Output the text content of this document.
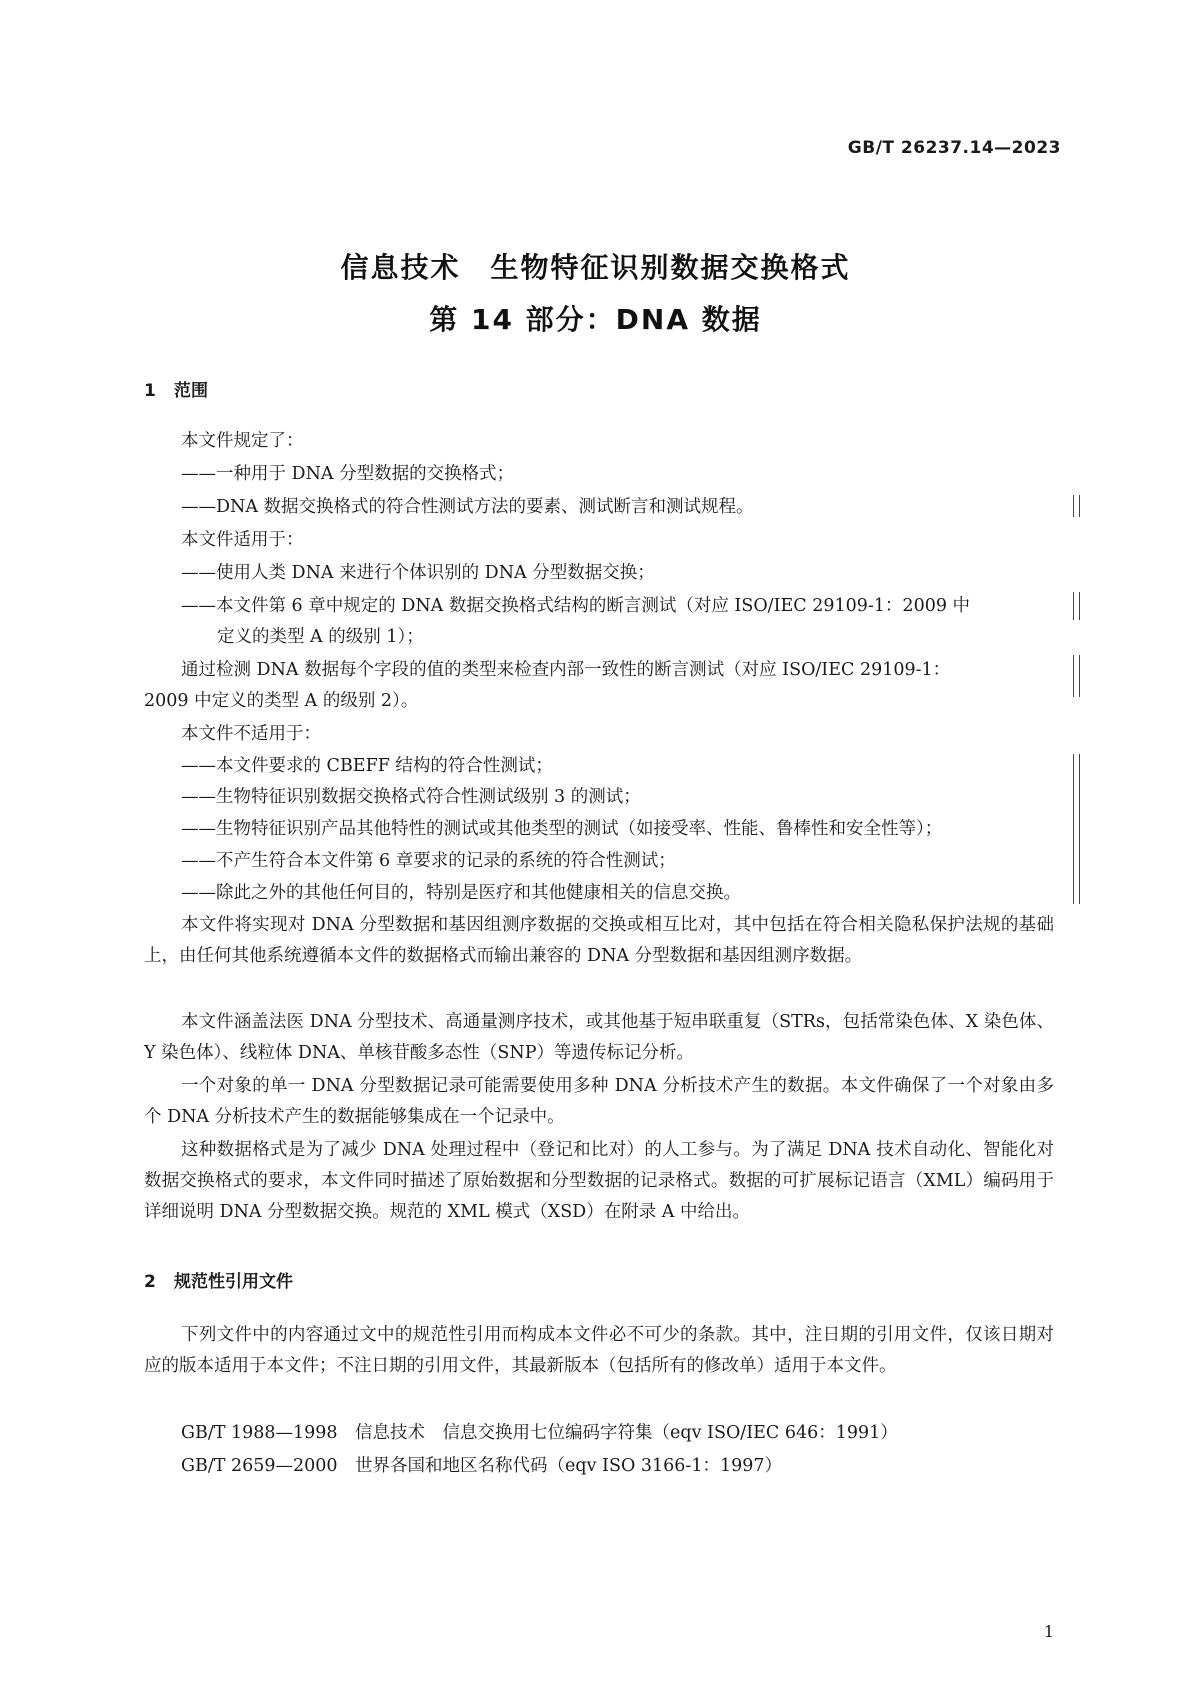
GB/T 26237.14—2023
信息技术　生物特征识别数据交换格式
第 14 部分：DNA 数据
1 范围
本文件规定了：
——一种用于 DNA 分型数据的交换格式；
——DNA 数据交换格式的符合性测试方法的要素、测试断言和测试规程。
本文件适用于：
——使用人类 DNA 来进行个体识别的 DNA 分型数据交换；
——本文件第 6 章中规定的 DNA 数据交换格式结构的断言测试（对应 ISO/IEC 29109-1：2009 中
定义的类型 A 的级别 1）；
通过检测 DNA 数据每个字段的值的类型来检查内部一致性的断言测试（对应 ISO/IEC 29109-1：
2009 中定义的类型 A 的级别 2）。
本文件不适用于：
——本文件要求的 CBEFF 结构的符合性测试；
——生物特征识别数据交换格式符合性测试级别 3 的测试；
——生物特征识别产品其他特性的测试或其他类型的测试（如接受率、性能、鲁棒性和安全性等）；
——不产生符合本文件第 6 章要求的记录的系统的符合性测试；
——除此之外的其他任何目的，特别是医疗和其他健康相关的信息交换。
本文件将实现对 DNA 分型数据和基因组测序数据的交换或相互比对，其中包括在符合相关隐私保护法规的基础上，由任何其他系统遵循本文件的数据格式而输出兼容的 DNA 分型数据和基因组测序数据。
本文件涵盖法医 DNA 分型技术、高通量测序技术，或其他基于短串联重复（STRs，包括常染色体、X 染色体、Y 染色体）、线粒体 DNA、单核苷酸多态性（SNP）等遗传标记分析。
一个对象的单一 DNA 分型数据记录可能需要使用多种 DNA 分析技术产生的数据。本文件确保了一个对象由多个 DNA 分析技术产生的数据能够集成在一个记录中。
这种数据格式是为了减少 DNA 处理过程中（登记和比对）的人工参与。为了满足 DNA 技术自动化、智能化对数据交换格式的要求，本文件同时描述了原始数据和分型数据的记录格式。数据的可扩展标记语言（XML）编码用于详细说明 DNA 分型数据交换。规范的 XML 模式（XSD）在附录 A 中给出。
2 规范性引用文件
下列文件中的内容通过文中的规范性引用而构成本文件必不可少的条款。其中，注日期的引用文件，仅该日期对应的版本适用于本文件；不注日期的引用文件，其最新版本（包括所有的修改单）适用于本文件。
GB/T 1988—1998　 信息技术　信息交换用七位编码字符集（eqv ISO/IEC 646：1991）
GB/T 2659—2000　 世界各国和地区名称代码（eqv ISO 3166-1：1997）
1
